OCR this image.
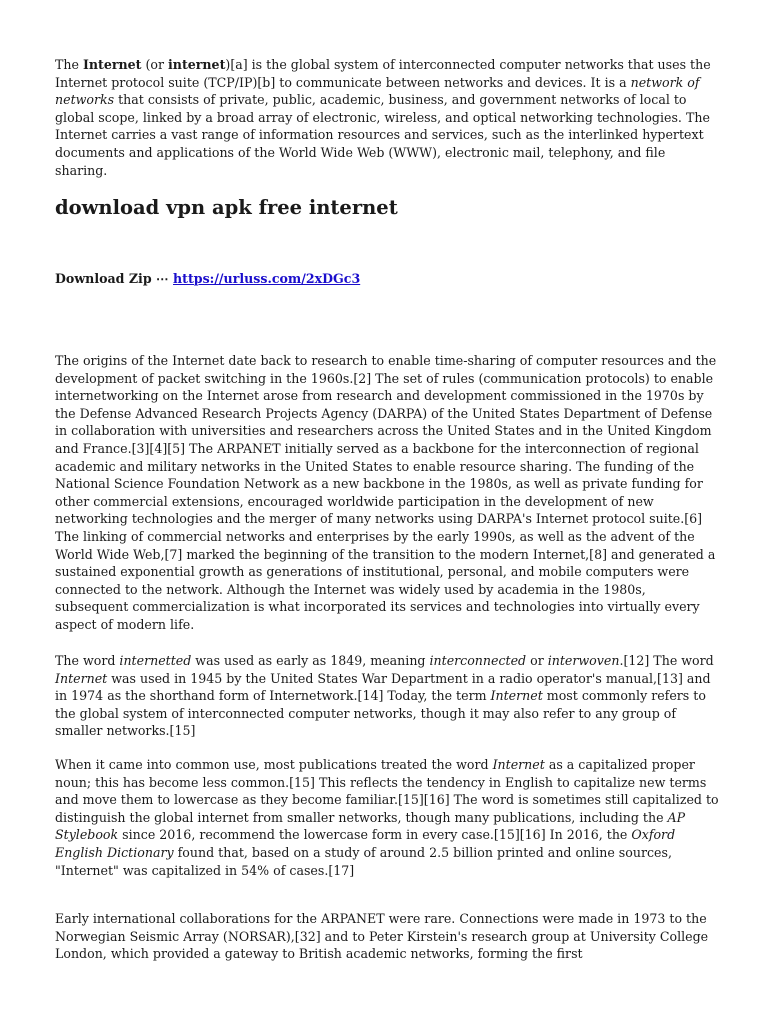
The Internet (or internet)[a] is the global system of interconnected computer networks that uses the Internet protocol suite (TCP/IP)[b] to communicate between networks and devices. It is a network of networks that consists of private, public, academic, business, and government networks of local to global scope, linked by a broad array of electronic, wireless, and optical networking technologies. The Internet carries a vast range of information resources and services, such as the interlinked hypertext documents and applications of the World Wide Web (WWW), electronic mail, telephony, and file sharing.

download vpn apk free internet
Download Zip ⋯ https://urluss.com/2xDGc3

The origins of the Internet date back to research to enable time-sharing of computer resources and the development of packet switching in the 1960s.[2] The set of rules (communication protocols) to enable internetworking on the Internet arose from research and development commissioned in the 1970s by the Defense Advanced Research Projects Agency (DARPA) of the United States Department of Defense in collaboration with universities and researchers across the United States and in the United Kingdom and France.[3][4][5] The ARPANET initially served as a backbone for the interconnection of regional academic and military networks in the United States to enable resource sharing. The funding of the National Science Foundation Network as a new backbone in the 1980s, as well as private funding for other commercial extensions, encouraged worldwide participation in the development of new networking technologies and the merger of many networks using DARPA's Internet protocol suite.[6] The linking of commercial networks and enterprises by the early 1990s, as well as the advent of the World Wide Web,[7] marked the beginning of the transition to the modern Internet,[8] and generated a sustained exponential growth as generations of institutional, personal, and mobile computers were connected to the network. Although the Internet was widely used by academia in the 1980s, subsequent commercialization is what incorporated its services and technologies into virtually every aspect of modern life.

The word internetted was used as early as 1849, meaning interconnected or interwoven.[12] The word Internet was used in 1945 by the United States War Department in a radio operator's manual,[13] and in 1974 as the shorthand form of Internetwork.[14] Today, the term Internet most commonly refers to the global system of interconnected computer networks, though it may also refer to any group of smaller networks.[15]

When it came into common use, most publications treated the word Internet as a capitalized proper noun; this has become less common.[15] This reflects the tendency in English to capitalize new terms and move them to lowercase as they become familiar.[15][16] The word is sometimes still capitalized to distinguish the global internet from smaller networks, though many publications, including the AP Stylebook since 2016, recommend the lowercase form in every case.[15][16] In 2016, the Oxford English Dictionary found that, based on a study of around 2.5 billion printed and online sources, "Internet" was capitalized in 54% of cases.[17]

Early international collaborations for the ARPANET were rare. Connections were made in 1973 to the Norwegian Seismic Array (NORSAR),[32] and to Peter Kirstein's research group at University College London, which provided a gateway to British academic networks, forming the first
